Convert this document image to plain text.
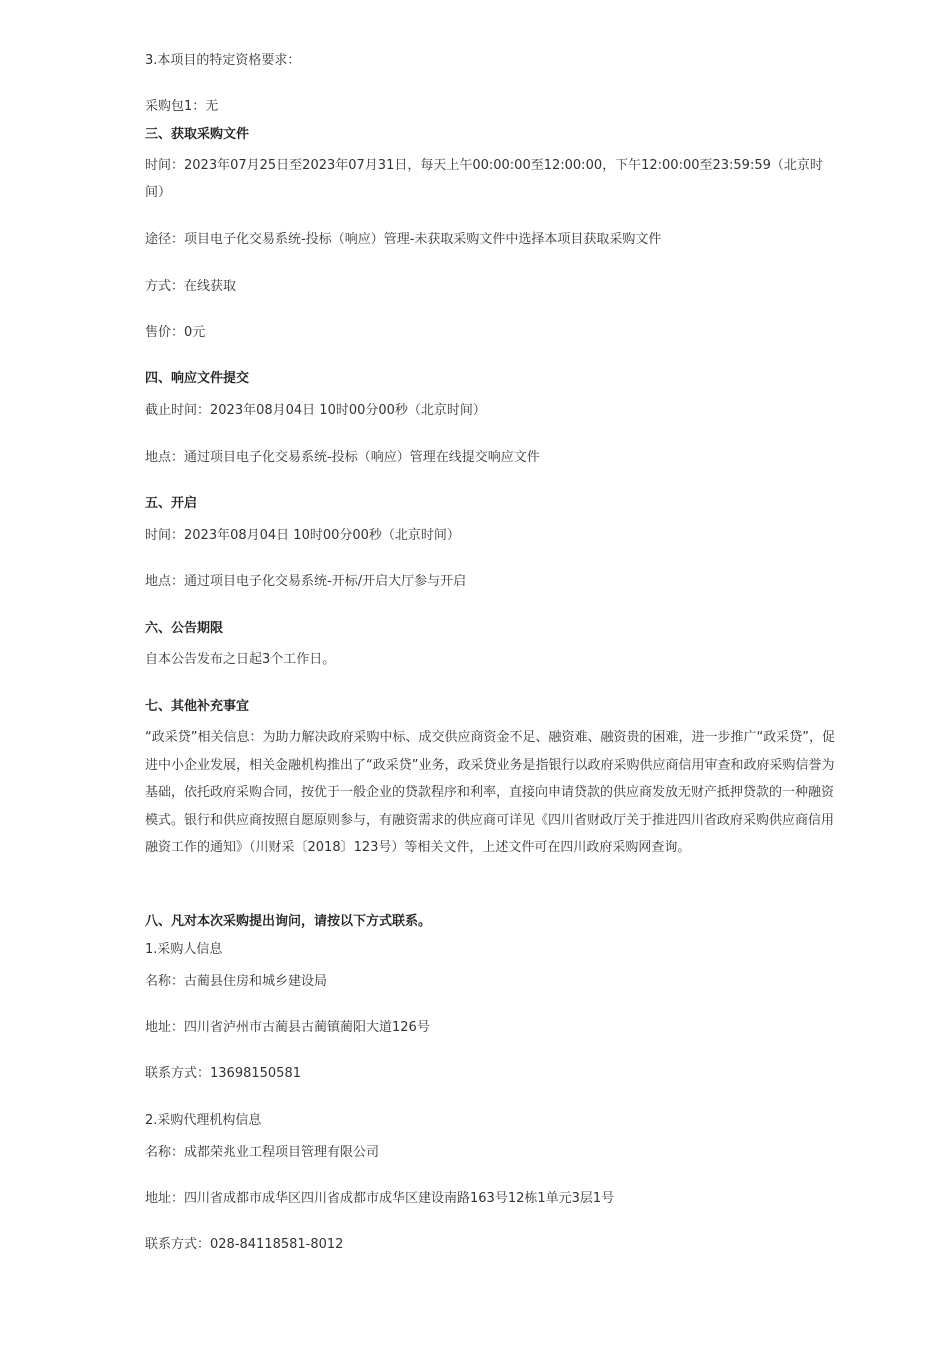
3.本项目的特定资格要求：
采购包1：无
三、获取采购文件
时间：2023年07月25日至2023年07月31日，每天上午00:00:00至12:00:00，下午12:00:00至23:59:59（北京时间）
途径：项目电子化交易系统-投标（响应）管理-未获取采购文件中选择本项目获取采购文件
方式：在线获取
售价：0元
四、响应文件提交
截止时间：2023年08月04日 10时00分00秒（北京时间）
地点：通过项目电子化交易系统-投标（响应）管理在线提交响应文件
五、开启
时间：2023年08月04日 10时00分00秒（北京时间）
地点：通过项目电子化交易系统-开标/开启大厅参与开启
六、公告期限
自本公告发布之日起3个工作日。
七、其他补充事宜
“政采贷”相关信息：为助力解决政府采购中标、成交供应商资金不足、融资难、融资贵的困难，进一步推广“政采贷”，促进中小企业发展，相关金融机构推出了“政采贷”业务，政采贷业务是指银行以政府采购供应商信用审查和政府采购信誉为基础，依托政府采购合同，按优于一般企业的贷款程序和利率，直接向申请贷款的供应商发放无财产抵押贷款的一种融资模式。银行和供应商按照自愿原则参与，有融资需求的供应商可详见《四川省财政厅关于推进四川省政府采购供应商信用融资工作的通知》（川财采〔2018〕123号）等相关文件，上述文件可在四川政府采购网查询。
八、凡对本次采购提出询问，请按以下方式联系。
1.采购人信息
名称：古蔺县住房和城乡建设局
地址：四川省泸州市古蔺县古蔺镇蔺阳大道126号
联系方式：13698150581
2.采购代理机构信息
名称：成都荣兆业工程项目管理有限公司
地址：四川省成都市成华区四川省成都市成华区建设南路163号12栋1单元3层1号
联系方式：028-84118581-8012
